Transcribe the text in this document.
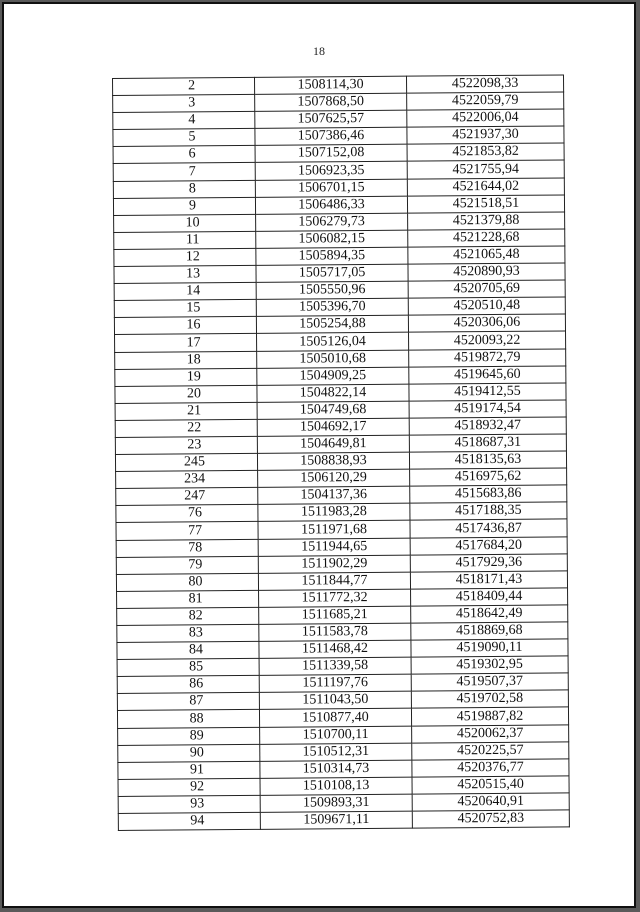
18
2	1508114,30	4522098,33
3	1507868,50	4522059,79
4	1507625,57	4522006,04
5	1507386,46	4521937,30
6	1507152,08	4521853,82
7	1506923,35	4521755,94
8	1506701,15	4521644,02
9	1506486,33	4521518,51
10	1506279,73	4521379,88
11	1506082,15	4521228,68
12	1505894,35	4521065,48
13	1505717,05	4520890,93
14	1505550,96	4520705,69
15	1505396,70	4520510,48
16	1505254,88	4520306,06
17	1505126,04	4520093,22
18	1505010,68	4519872,79
19	1504909,25	4519645,60
20	1504822,14	4519412,55
21	1504749,68	4519174,54
22	1504692,17	4518932,47
23	1504649,81	4518687,31
245	1508838,93	4518135,63
234	1506120,29	4516975,62
247	1504137,36	4515683,86
76	1511983,28	4517188,35
77	1511971,68	4517436,87
78	1511944,65	4517684,20
79	1511902,29	4517929,36
80	1511844,77	4518171,43
81	1511772,32	4518409,44
82	1511685,21	4518642,49
83	1511583,78	4518869,68
84	1511468,42	4519090,11
85	1511339,58	4519302,95
86	1511197,76	4519507,37
87	1511043,50	4519702,58
88	1510877,40	4519887,82
89	1510700,11	4520062,37
90	1510512,31	4520225,57
91	1510314,73	4520376,77
92	1510108,13	4520515,40
93	1509893,31	4520640,91
94	1509671,11	4520752,83
